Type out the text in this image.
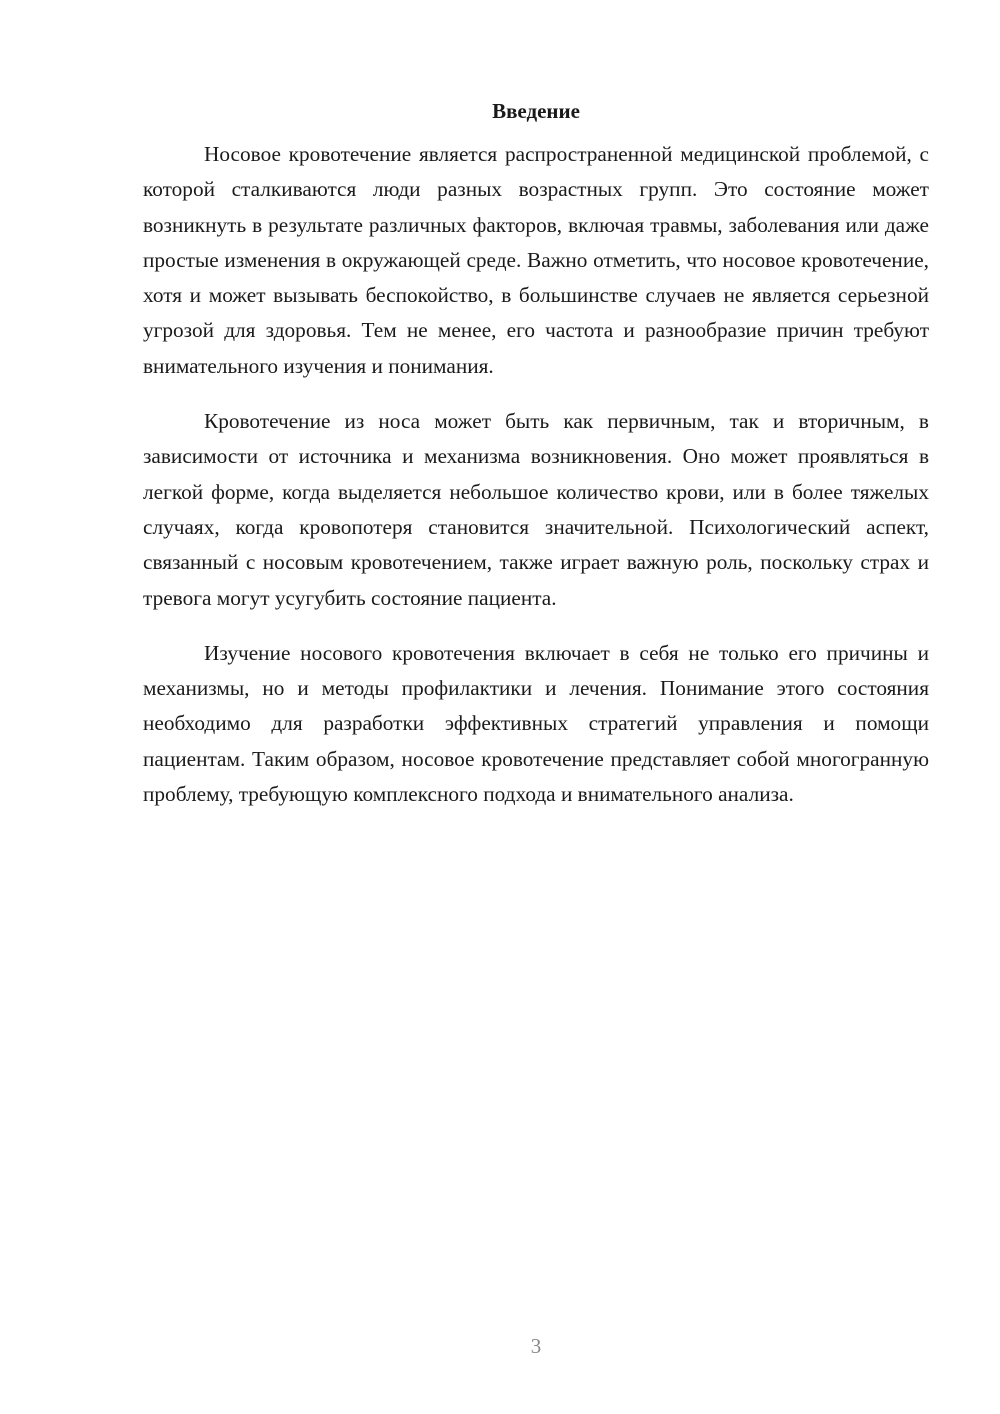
Введение

Носовое кровотечение является распространенной медицинской проблемой, с которой сталкиваются люди разных возрастных групп. Это состояние может возникнуть в результате различных факторов, включая травмы, заболевания или даже простые изменения в окружающей среде. Важно отметить, что носовое кровотечение, хотя и может вызывать беспокойство, в большинстве случаев не является серьезной угрозой для здоровья. Тем не менее, его частота и разнообразие причин требуют внимательного изучения и понимания.

Кровотечение из носа может быть как первичным, так и вторичным, в зависимости от источника и механизма возникновения. Оно может проявляться в легкой форме, когда выделяется небольшое количество крови, или в более тяжелых случаях, когда кровопотеря становится значительной. Психологический аспект, связанный с носовым кровотечением, также играет важную роль, поскольку страх и тревога могут усугубить состояние пациента.

Изучение носового кровотечения включает в себя не только его причины и механизмы, но и методы профилактики и лечения. Понимание этого состояния необходимо для разработки эффективных стратегий управления и помощи пациентам. Таким образом, носовое кровотечение представляет собой многогранную проблему, требующую комплексного подхода и внимательного анализа.

3
